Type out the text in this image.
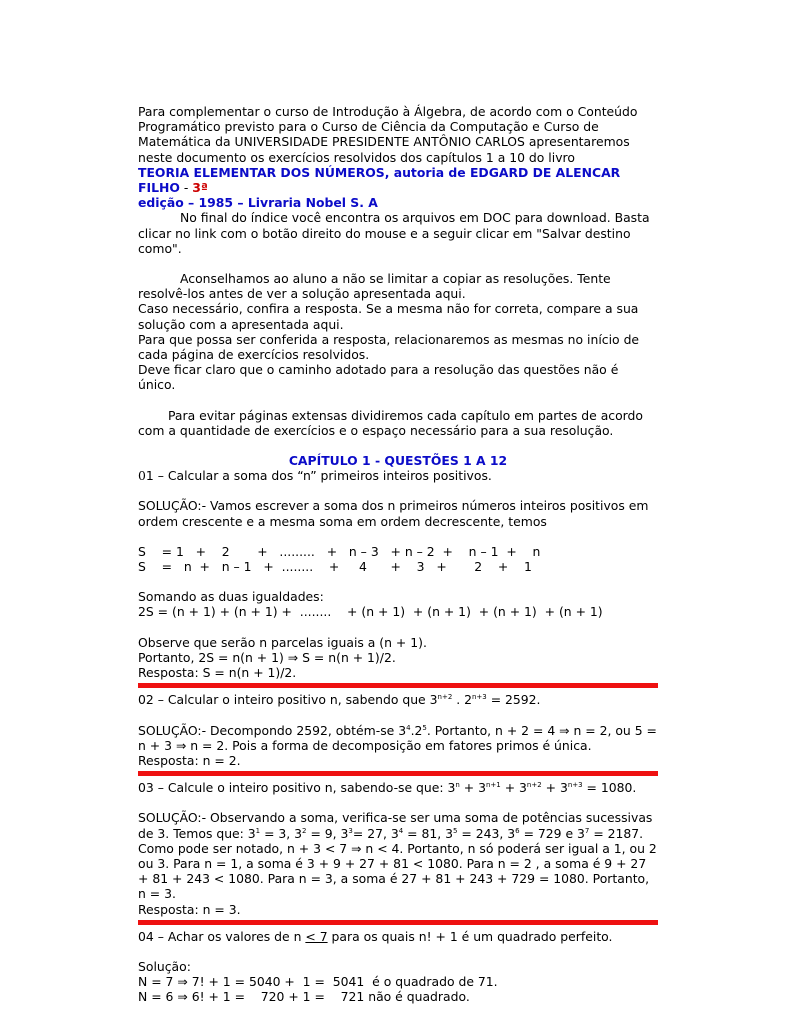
Para complementar o curso de Introdução à Álgebra, de acordo com o Conteúdo Programático previsto para o Curso de Ciência da Computação e Curso de Matemática da UNIVERSIDADE PRESIDENTE ANTÔNIO CARLOS apresentaremos neste documento os exercícios resolvidos dos capítulos 1 a 10 do livro
TEORIA ELEMENTAR DOS NÚMEROS, autoria de EDGARD DE ALENCAR FILHO - 3ª
edição – 1985 – Livraria Nobel S. A

No final do índice você encontra os arquivos em DOC para download. Basta clicar no link com o botão direito do mouse e a seguir clicar em "Salvar destino como".

Aconselhamos ao aluno a não se limitar a copiar as resoluções. Tente resolvê-los antes de ver a solução apresentada aqui.

Caso necessário, confira a resposta. Se a mesma não for correta, compare a sua solução com a apresentada aqui.

Para que possa ser conferida a resposta, relacionaremos as mesmas no início de cada página de exercícios resolvidos.

Deve ficar claro que o caminho adotado para a resolução das questões não é único.

Para evitar páginas extensas dividiremos cada capítulo em partes de acordo com a quantidade de exercícios e o espaço necessário para a sua resolução.

CAPÍTULO 1 - QUESTÕES 1 A 12

01 – Calcular a soma dos “n” primeiros inteiros positivos.

SOLUÇÃO:- Vamos escrever a soma dos n primeiros números inteiros positivos em ordem crescente e a mesma soma em ordem decrescente, temos

S    = 1   +    2       +   .........   +   n – 3   + n – 2  +    n – 1  +    n

S    =   n  +   n – 1   +  ........    +     4      +    3   +       2    +    1

Somando as duas igualdades:

2S = (n + 1) + (n + 1) +  ........    + (n + 1)  + (n + 1)  + (n + 1)  + (n + 1)

Observe que serão n parcelas iguais a (n + 1).

Portanto, 2S = n(n + 1) ⇒ S = n(n + 1)/2.

Resposta: S = n(n + 1)/2.

02 – Calcular o inteiro positivo n, sabendo que $3^{n+2}$ . $2^{n+3} = 2592$.

SOLUÇÃO:- Decompondo 2592, obtém-se $3^4.2^5$. Portanto, n + 2 = 4 ⇒ n = 2, ou 5 = n + 3 ⇒ n = 2. Pois a forma de decomposição em fatores primos é única.

Resposta: n = 2.

03 – Calcule o inteiro positivo n, sabendo-se que: $3^n + 3^{n+1} + 3^{n+2} + 3^{n+3} = 1080$.

SOLUÇÃO:- Observando a soma, verifica-se ser uma soma de potências sucessivas de 3. Temos que: $3^1 = 3$, $3^2 = 9$, $3^3= 27$, $3^4 = 81$, $3^5 = 243$, $3^6 = 729$ e $3^7 = 2187$. Como pode ser notado, n + 3 < 7 ⇒ n < 4. Portanto, n só poderá ser igual a 1, ou 2 ou 3. Para n = 1, a soma é 3 + 9 + 27 + 81 < 1080. Para n = 2 , a soma é 9 + 27 + 81 + 243 < 1080. Para n = 3, a soma é 27 + 81 + 243 + 729 = 1080. Portanto, n = 3.

Resposta: n = 3.

04 – Achar os valores de n < 7 para os quais n! + 1 é um quadrado perfeito.

Solução:

N = 7 ⇒ 7! + 1 = 5040 +  1 =  5041  é o quadrado de 71.

N = 6 ⇒ 6! + 1 =    720 + 1 =    721 não é quadrado.
